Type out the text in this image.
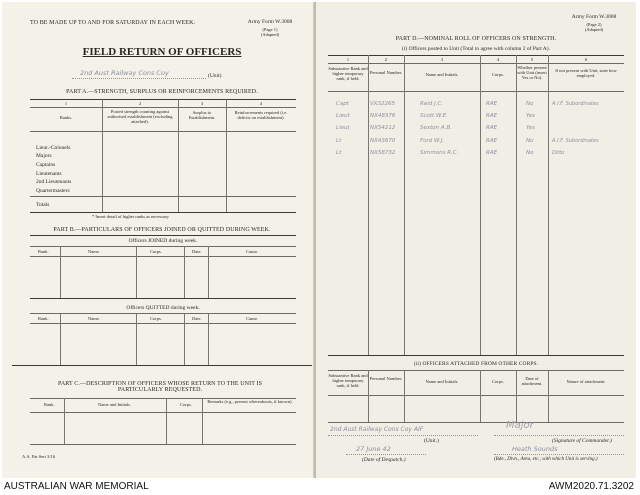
TO BE MADE UP TO AND FOR SATURDAY IN EACH WEEK.	Army Form W.3008
(Page 1)
(Adapted)
FIELD RETURN OF OFFICERS
2nd Aust Railway Cons Coy	(Unit)
PART A.—STRENGTH, SURPLUS OR REINFORCEMENTS REQUIRED.
1	2	3	4
Ranks.
Posted strength counting against authorised establishment (excluding attached).
Surplus to Establishment.
Reinforcements required (i.e. deficits on establishment).
Lieut.-Colonels
Majors
Captains
Lieutenants
2nd Lieutenants
Quartermasters
Totals
* Insert detail of higher ranks as necessary.
PART B.—PARTICULARS OF OFFICERS JOINED OR QUITTED DURING WEEK.
Officers JOINED during week.
Rank.	Name.	Corps.	Date.	Cause.
Officers QUITTED during week.
Rank.	Name.	Corps.	Date.	Cause.
PART C.—DESCRIPTION OF OFFICERS WHOSE RETURN TO THE UNIT IS PARTICULARLY REQUESTED.
Rank.	Name and Initials.	Corps.
Remarks (e.g., present whereabouts, if known).
A.A. Pat Seri 3/16
Army Form W.3008
(Page 2)
(Adapted)
PART D.—NOMINAL ROLL OF OFFICERS ON STRENGTH.
(i) Officers posted to Unit (Total to agree with column 2 of Part A).
1	2	3	4	5	6
Substantive Rank and higher temporary rank, if held.
Personal Number.	Name and Initials.	Corps.
Whether present with Unit (insert Yes or No).
If not present with Unit, state how employed.
Capt	VX32265	Reid J.C.	RAE	No	A.I.F. Subordinates
Lieut	NX48376	Scott W.E.	RAE	Yes
Lieut	NX54212	Sexton A.B.	RAE	Yes
Lt	NX43670	Ford W.J.	RAE	No	A.I.F. Subordinates
Lt	NX58732	Simmons R.C.	RAE	No	Ditto
(ii) OFFICERS ATTACHED FROM OTHER CORPS.
Substantive Rank and higher temporary rank, if held.
Personal Number.
Name and Initials.	Corps.
Date of attachment.	Nature of attachment.
2nd Aust Railway Cons Coy AIF
(Unit.)
Major
(Signature of Commander.)
27 June 42
(Date of Despatch.)
Heath Sounds
(Bde., Divn., Area, etc., with which Unit is serving.)
AUSTRALIAN WAR MEMORIAL	AWM2020.71.3202
